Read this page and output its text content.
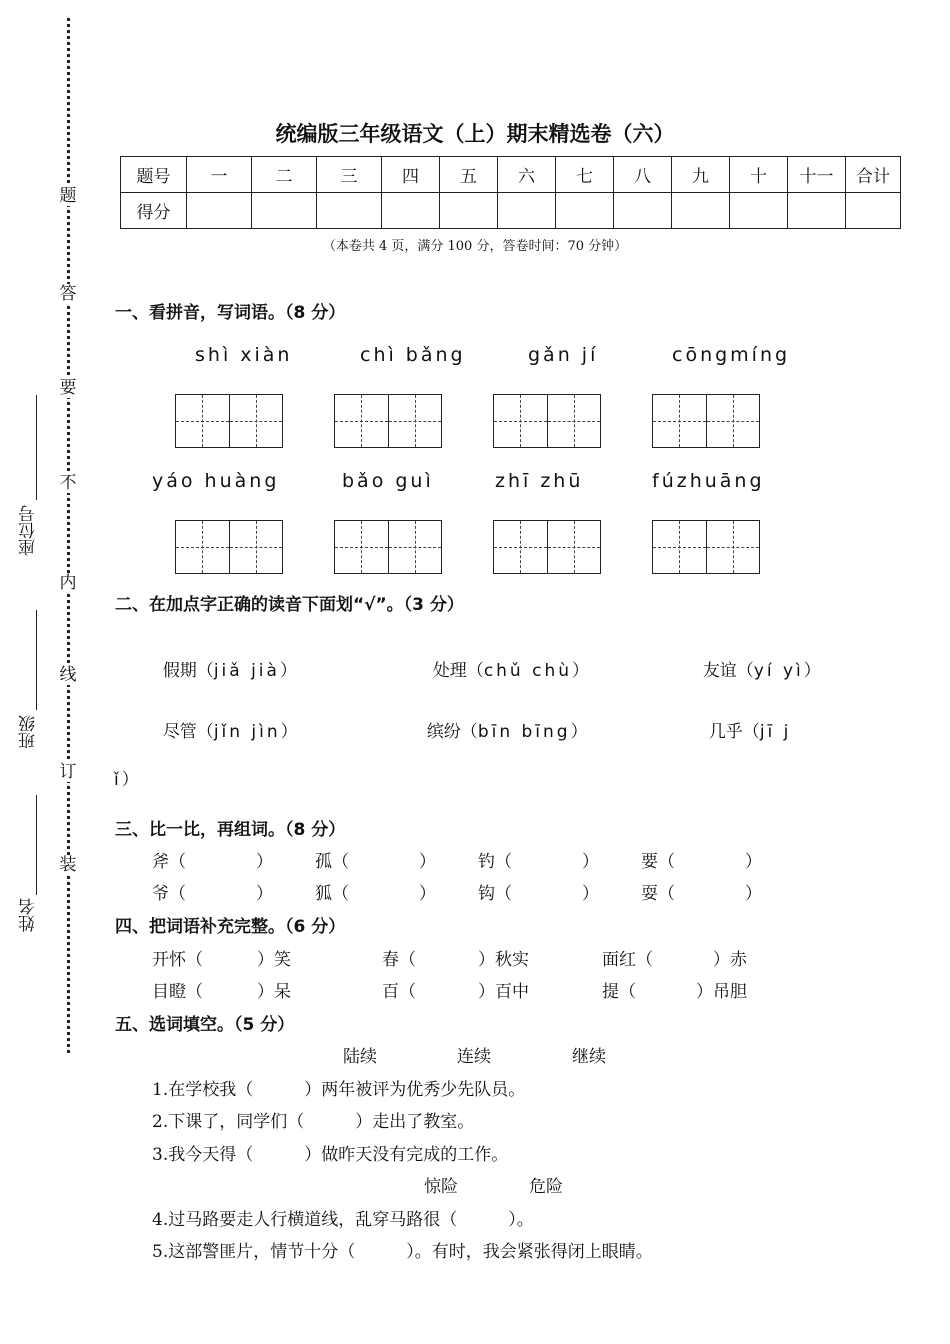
题
答
要
不
内
线
订
装
座位号
班级
姓名
统编版三年级语文（上）期末精选卷（六）
题号	一	二	三	四	五	六	七	八	九	十	十一	合计
得分												
（本卷共 4 页，满分 100 分，答卷时间：70 分钟）
一、看拼音，写词语。（8 分）
shì xiàn	chì bǎng	gǎn jí	cōngmíng
yáo huàng	bǎo guì	zhī zhū	fúzhuāng
二、在加点字正确的读音下面划“√”。（3 分）

假期（jiǎ jià）	处理（chǔ chù）	友谊（yí yì）

尽管（jǐn jìn）	缤纷（bīn bīng）	几乎（jī j

ǐ）
三、比一比，再组词。（8 分）
斧（	） 孤（	） 钓（	） 要（	）
爷（	） 狐（	） 钩（	） 耍（	）
四、把词语补充完整。（6 分）
开怀（	）笑	春（	）秋实	面红（	）赤
目瞪（	）呆	百（	）百中	提（	）吊胆
五、选词填空。（5 分）
陆续	连续	继续
1.在学校我（　　　）两年被评为优秀少先队员。
2.下课了，同学们（　　　）走出了教室。
3.我今天得（　　　）做昨天没有完成的工作。
惊险	危险
4.过马路要走人行横道线，乱穿马路很（　　　）。
5.这部警匪片，情节十分（　　　）。有时，我会紧张得闭上眼睛。
